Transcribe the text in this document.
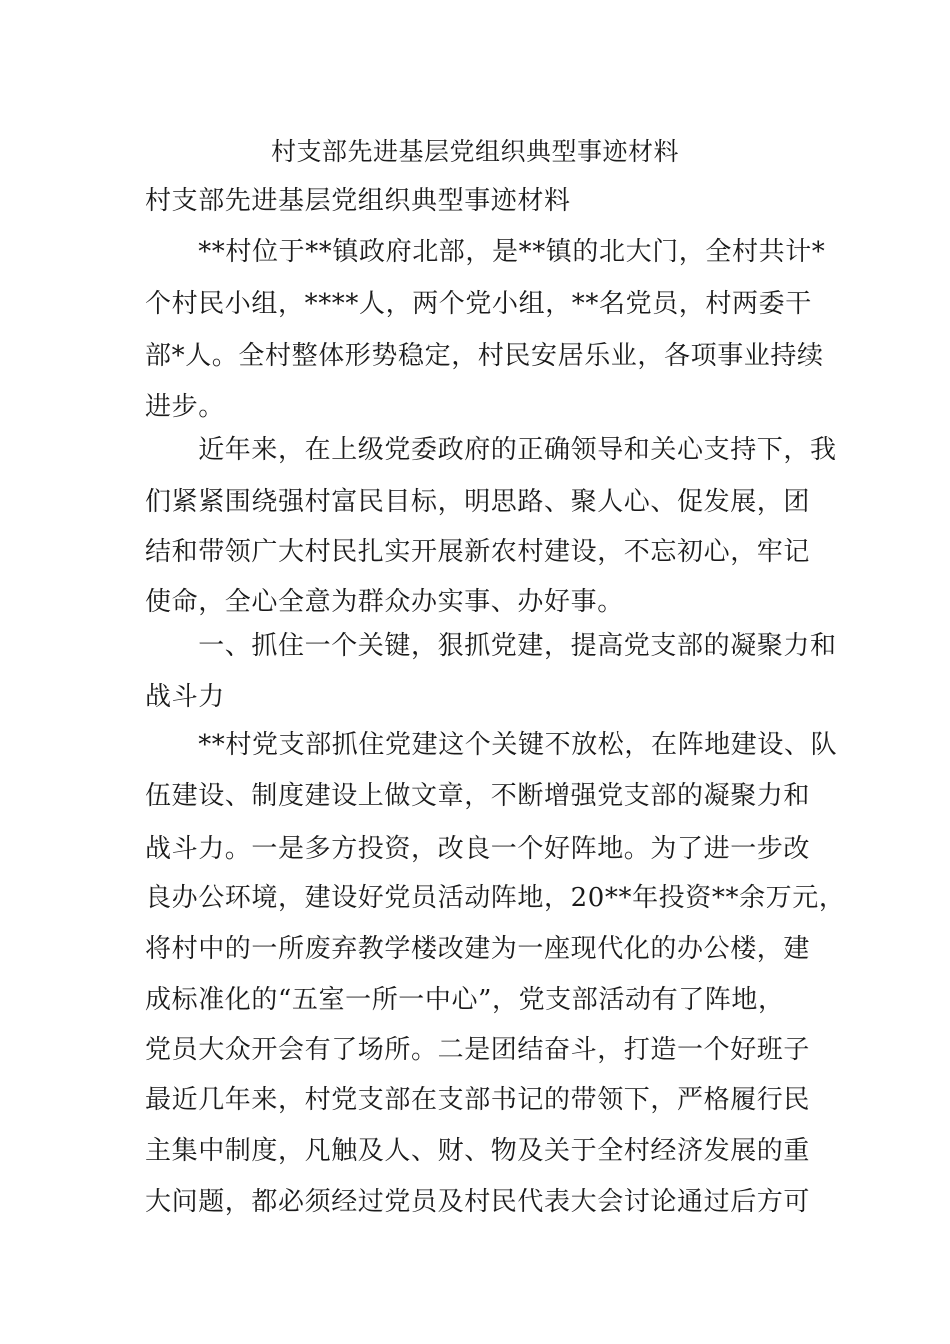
村支部先进基层党组织典型事迹材料
村支部先进基层党组织典型事迹材料
　　**村位于**镇政府北部，是**镇的北大门，全村共计*
个村民小组，****人，两个党小组，**名党员，村两委干
部*人。全村整体形势稳定，村民安居乐业，各项事业持续
进步。
　　近年来，在上级党委政府的正确领导和关心支持下，我
们紧紧围绕强村富民目标，明思路、聚人心、促发展，团
结和带领广大村民扎实开展新农村建设，不忘初心，牢记
使命，全心全意为群众办实事、办好事。
　　一、抓住一个关键，狠抓党建，提高党支部的凝聚力和
战斗力
　　**村党支部抓住党建这个关键不放松，在阵地建设、队
伍建设、制度建设上做文章，不断增强党支部的凝聚力和
战斗力。一是多方投资，改良一个好阵地。为了进一步改
良办公环境，建设好党员活动阵地，20**年投资**余万元，
将村中的一所废弃教学楼改建为一座现代化的办公楼，建
成标准化的“五室一所一中心”，党支部活动有了阵地，
党员大众开会有了场所。二是团结奋斗，打造一个好班子
最近几年来，村党支部在支部书记的带领下，严格履行民
主集中制度，凡触及人、财、物及关于全村经济发展的重
大问题，都必须经过党员及村民代表大会讨论通过后方可
